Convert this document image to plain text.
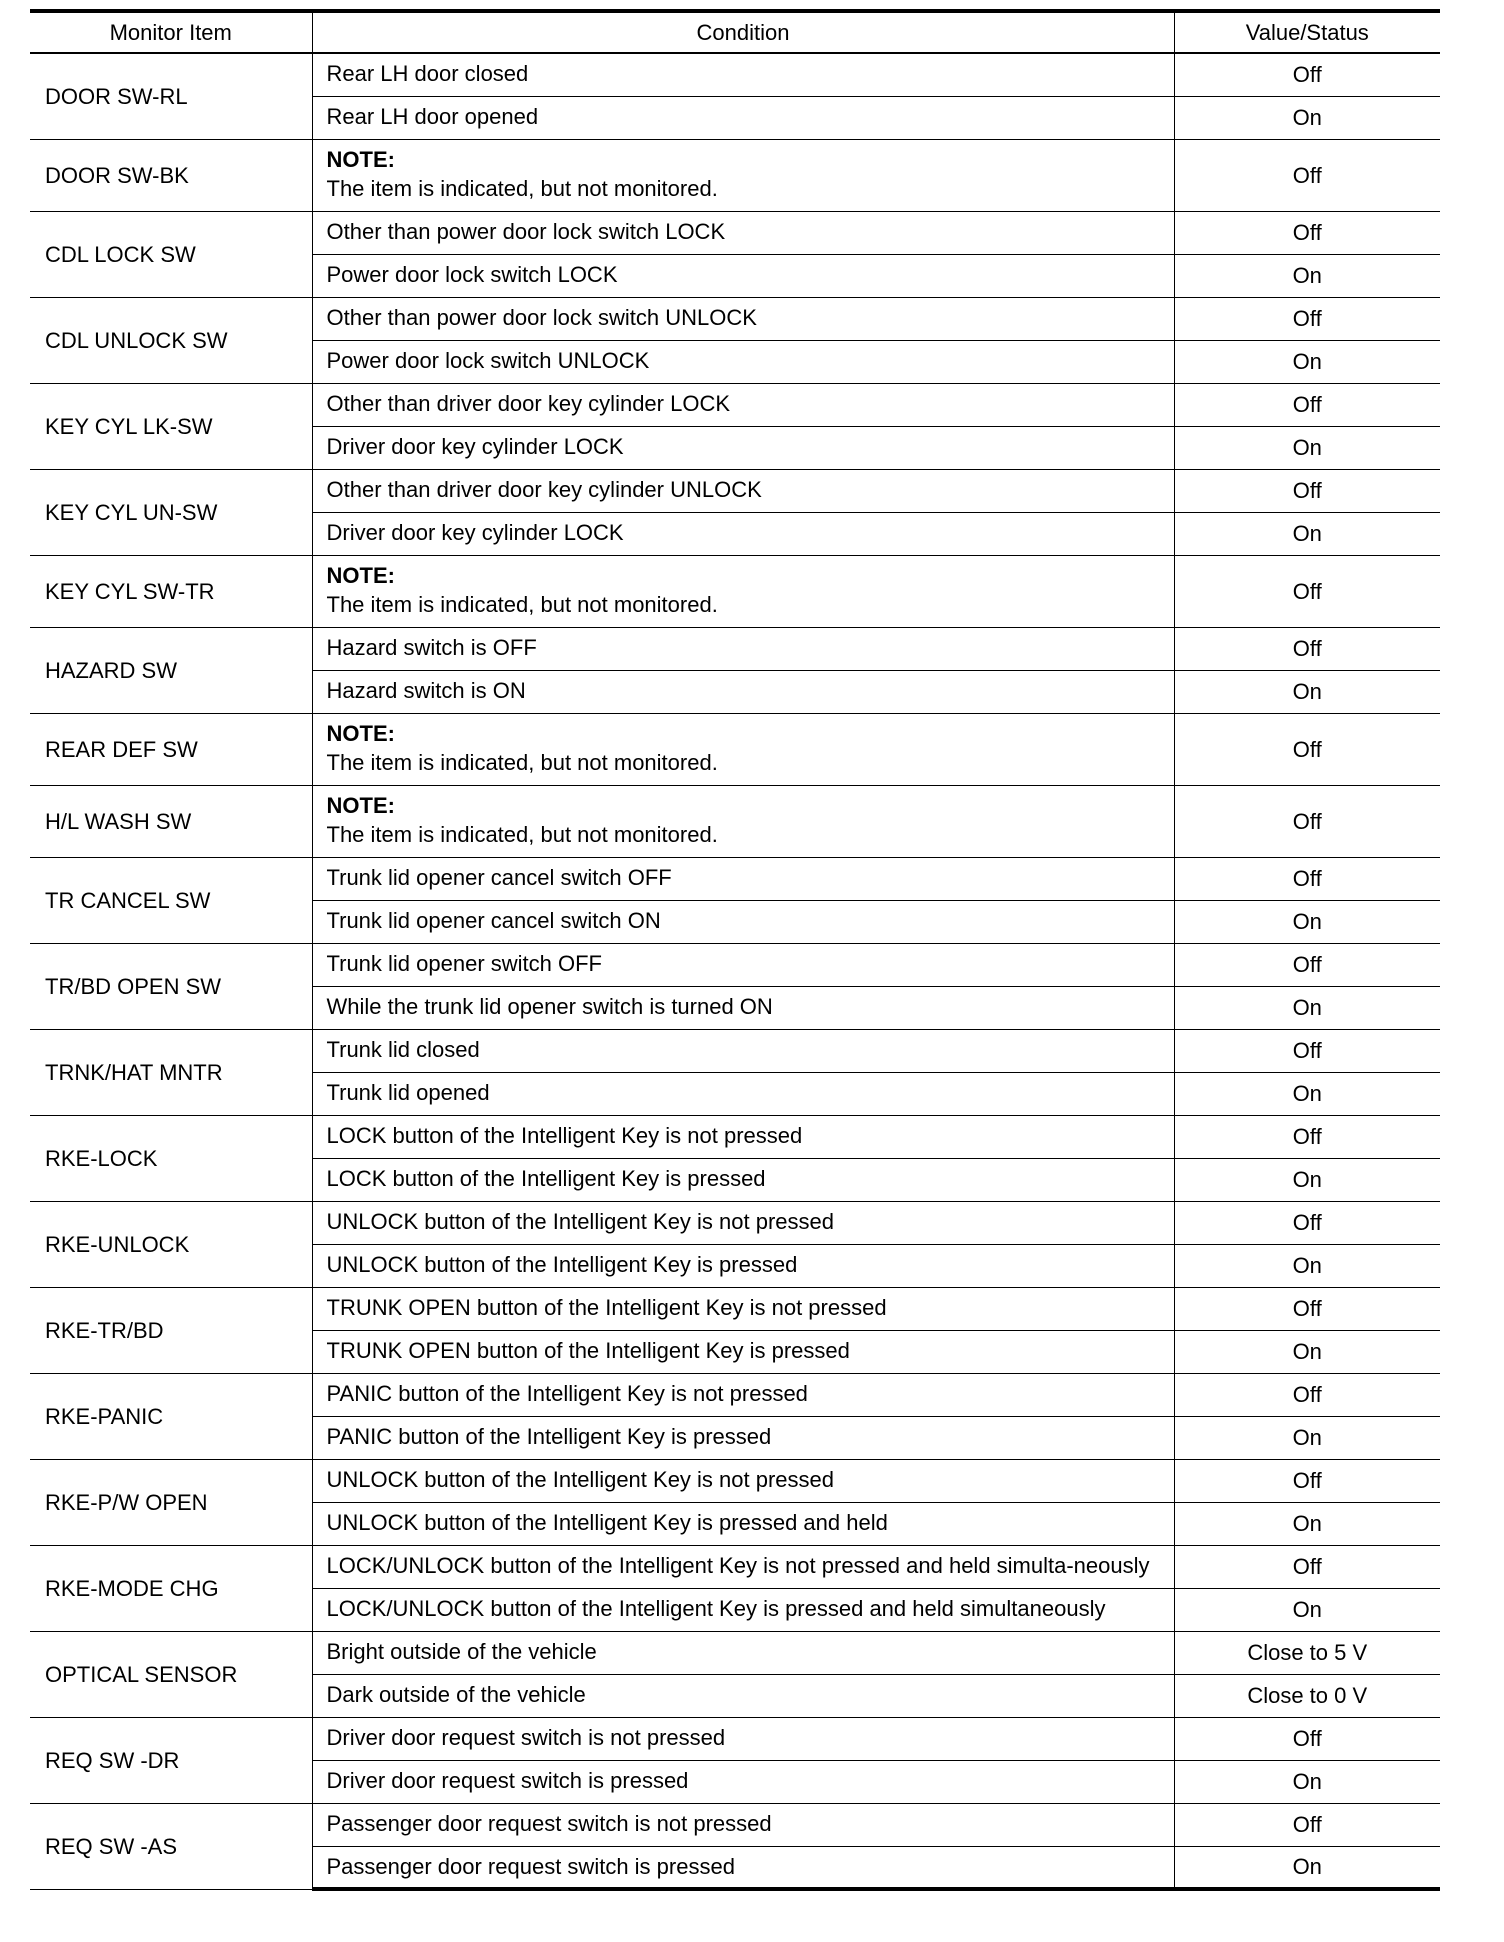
Monitor Item	Condition	Value/Status
DOOR SW-RL	Rear LH door closed	Off
	Rear LH door opened	On
DOOR SW-BK	NOTE:
The item is indicated, but not monitored.	Off
CDL LOCK SW	Other than power door lock switch LOCK	Off
	Power door lock switch LOCK	On
CDL UNLOCK SW	Other than power door lock switch UNLOCK	Off
	Power door lock switch UNLOCK	On
KEY CYL LK-SW	Other than driver door key cylinder LOCK	Off
	Driver door key cylinder LOCK	On
KEY CYL UN-SW	Other than driver door key cylinder UNLOCK	Off
	Driver door key cylinder LOCK	On
KEY CYL SW-TR	NOTE:
The item is indicated, but not monitored.	Off
HAZARD SW	Hazard switch is OFF	Off
	Hazard switch is ON	On
REAR DEF SW	NOTE:
The item is indicated, but not monitored.	Off
H/L WASH SW	NOTE:
The item is indicated, but not monitored.	Off
TR CANCEL SW	Trunk lid opener cancel switch OFF	Off
	Trunk lid opener cancel switch ON	On
TR/BD OPEN SW	Trunk lid opener switch OFF	Off
	While the trunk lid opener switch is turned ON	On
TRNK/HAT MNTR	Trunk lid closed	Off
	Trunk lid opened	On
RKE-LOCK	LOCK button of the Intelligent Key is not pressed	Off
	LOCK button of the Intelligent Key is pressed	On
RKE-UNLOCK	UNLOCK button of the Intelligent Key is not pressed	Off
	UNLOCK button of the Intelligent Key is pressed	On
RKE-TR/BD	TRUNK OPEN button of the Intelligent Key is not pressed	Off
	TRUNK OPEN button of the Intelligent Key is pressed	On
RKE-PANIC	PANIC button of the Intelligent Key is not pressed	Off
	PANIC button of the Intelligent Key is pressed	On
RKE-P/W OPEN	UNLOCK button of the Intelligent Key is not pressed	Off
	UNLOCK button of the Intelligent Key is pressed and held	On
RKE-MODE CHG	LOCK/UNLOCK button of the Intelligent Key is not pressed and held simulta-neously	Off
	LOCK/UNLOCK button of the Intelligent Key is pressed and held simultaneously	On
OPTICAL SENSOR	Bright outside of the vehicle	Close to 5 V
	Dark outside of the vehicle	Close to 0 V
REQ SW -DR	Driver door request switch is not pressed	Off
	Driver door request switch is pressed	On
REQ SW -AS	Passenger door request switch is not pressed	Off
	Passenger door request switch is pressed	On
